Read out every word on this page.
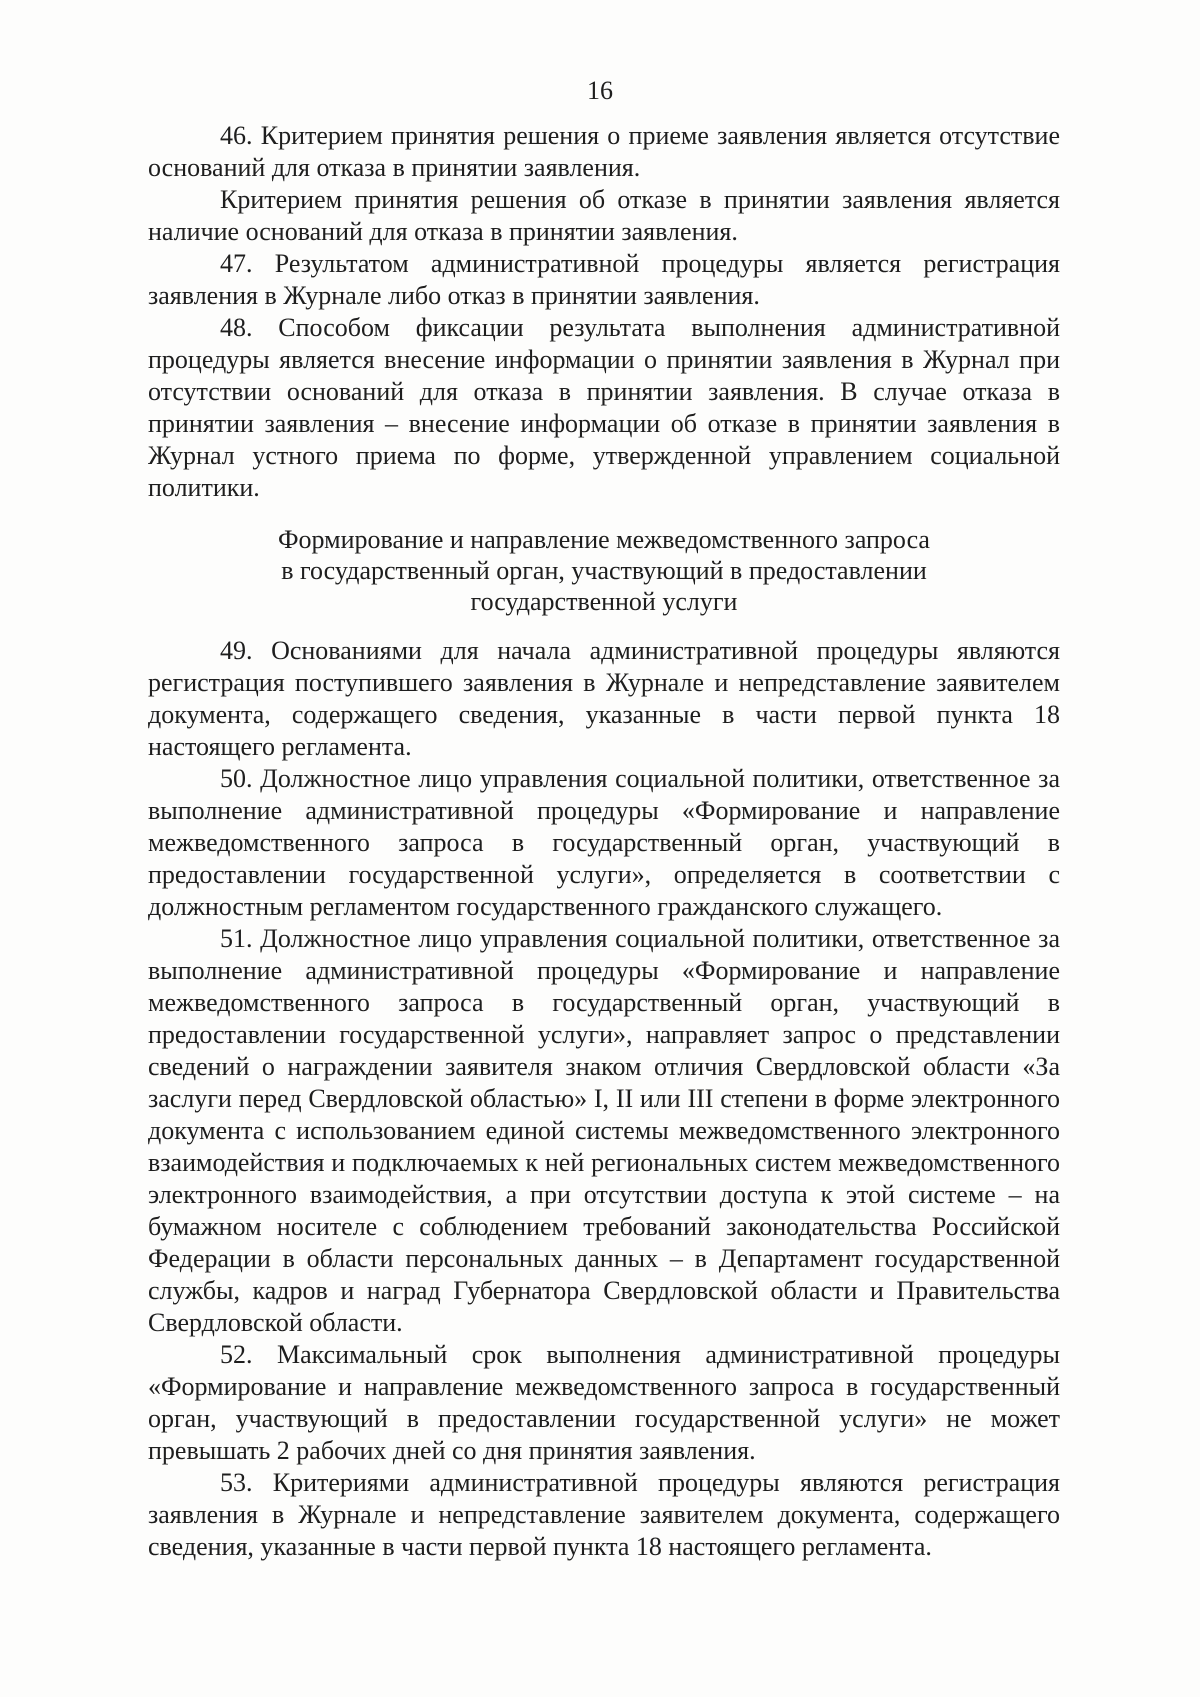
16

46. Критерием принятия решения о приеме заявления является отсутствие оснований для отказа в принятии заявления.

Критерием принятия решения об отказе в принятии заявления является наличие оснований для отказа в принятии заявления.

47. Результатом административной процедуры является регистрация заявления в Журнале либо отказ в принятии заявления.

48. Способом фиксации результата выполнения административной процедуры является внесение информации о принятии заявления в Журнал при отсутствии оснований для отказа в принятии заявления. В случае отказа в принятии заявления – внесение информации об отказе в принятии заявления в Журнал устного приема по форме, утвержденной управлением социальной политики.

Формирование и направление межведомственного запроса
в государственный орган, участвующий в предоставлении
государственной услуги

49. Основаниями для начала административной процедуры являются регистрация поступившего заявления в Журнале и непредставление заявителем документа, содержащего сведения, указанные в части первой пункта 18 настоящего регламента.

50. Должностное лицо управления социальной политики, ответственное за выполнение административной процедуры «Формирование и направление межведомственного запроса в государственный орган, участвующий в предоставлении государственной услуги», определяется в соответствии с должностным регламентом государственного гражданского служащего.

51. Должностное лицо управления социальной политики, ответственное за выполнение административной процедуры «Формирование и направление межведомственного запроса в государственный орган, участвующий в предоставлении государственной услуги», направляет запрос о представлении сведений о награждении заявителя знаком отличия Свердловской области «За заслуги перед Свердловской областью» I, II или III степени в форме электронного документа с использованием единой системы межведомственного электронного взаимодействия и подключаемых к ней региональных систем межведомственного электронного взаимодействия, а при отсутствии доступа к этой системе – на бумажном носителе с соблюдением требований законодательства Российской Федерации в области персональных данных – в Департамент государственной службы, кадров и наград Губернатора Свердловской области и Правительства Свердловской области.

52. Максимальный срок выполнения административной процедуры «Формирование и направление межведомственного запроса в государственный орган, участвующий в предоставлении государственной услуги» не может превышать 2 рабочих дней со дня принятия заявления.

53. Критериями административной процедуры являются регистрация заявления в Журнале и непредставление заявителем документа, содержащего сведения, указанные в части первой пункта 18 настоящего регламента.
